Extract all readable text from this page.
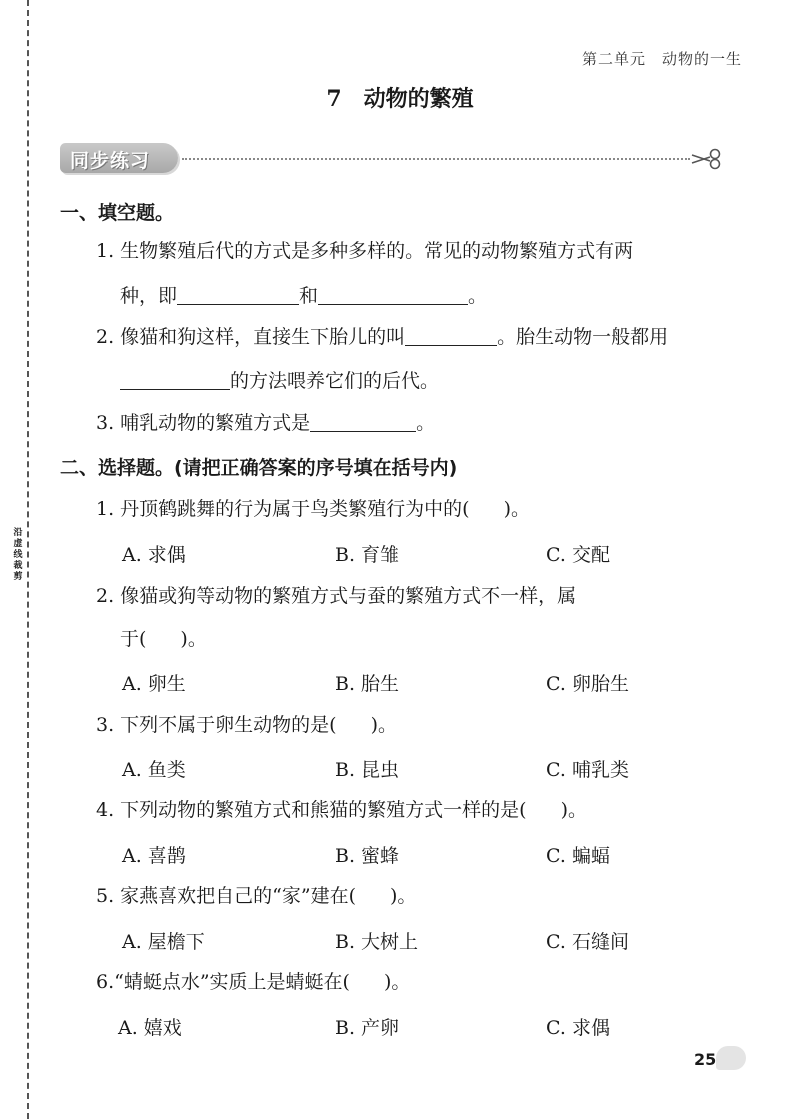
沿虚线裁剪
第二单元　动物的一生
7 动物的繁殖
同步练习
一、填空题。
1. 生物繁殖后代的方式是多种多样的。常见的动物繁殖方式有两
种，即	和	。
2. 像猫和狗这样，直接生下胎儿的叫	。胎生动物一般都用
的方法喂养它们的后代。
3. 哺乳动物的繁殖方式是	。
二、选择题。(请把正确答案的序号填在括号内)
1. 丹顶鹤跳舞的行为属于鸟类繁殖行为中的( )。
A. 求偶	B. 育雏	C. 交配
2. 像猫或狗等动物的繁殖方式与蚕的繁殖方式不一样，属
于( )。
A. 卵生	B. 胎生	C. 卵胎生
3. 下列不属于卵生动物的是( )。
A. 鱼类	B. 昆虫	C. 哺乳类
4. 下列动物的繁殖方式和熊猫的繁殖方式一样的是( )。
A. 喜鹊	B. 蜜蜂	C. 蝙蝠
5. 家燕喜欢把自己的“家”建在( )。
A. 屋檐下	B. 大树上	C. 石缝间
6.“蜻蜓点水”实质上是蜻蜓在( )。
A. 嬉戏	B. 产卵	C. 求偶
25
